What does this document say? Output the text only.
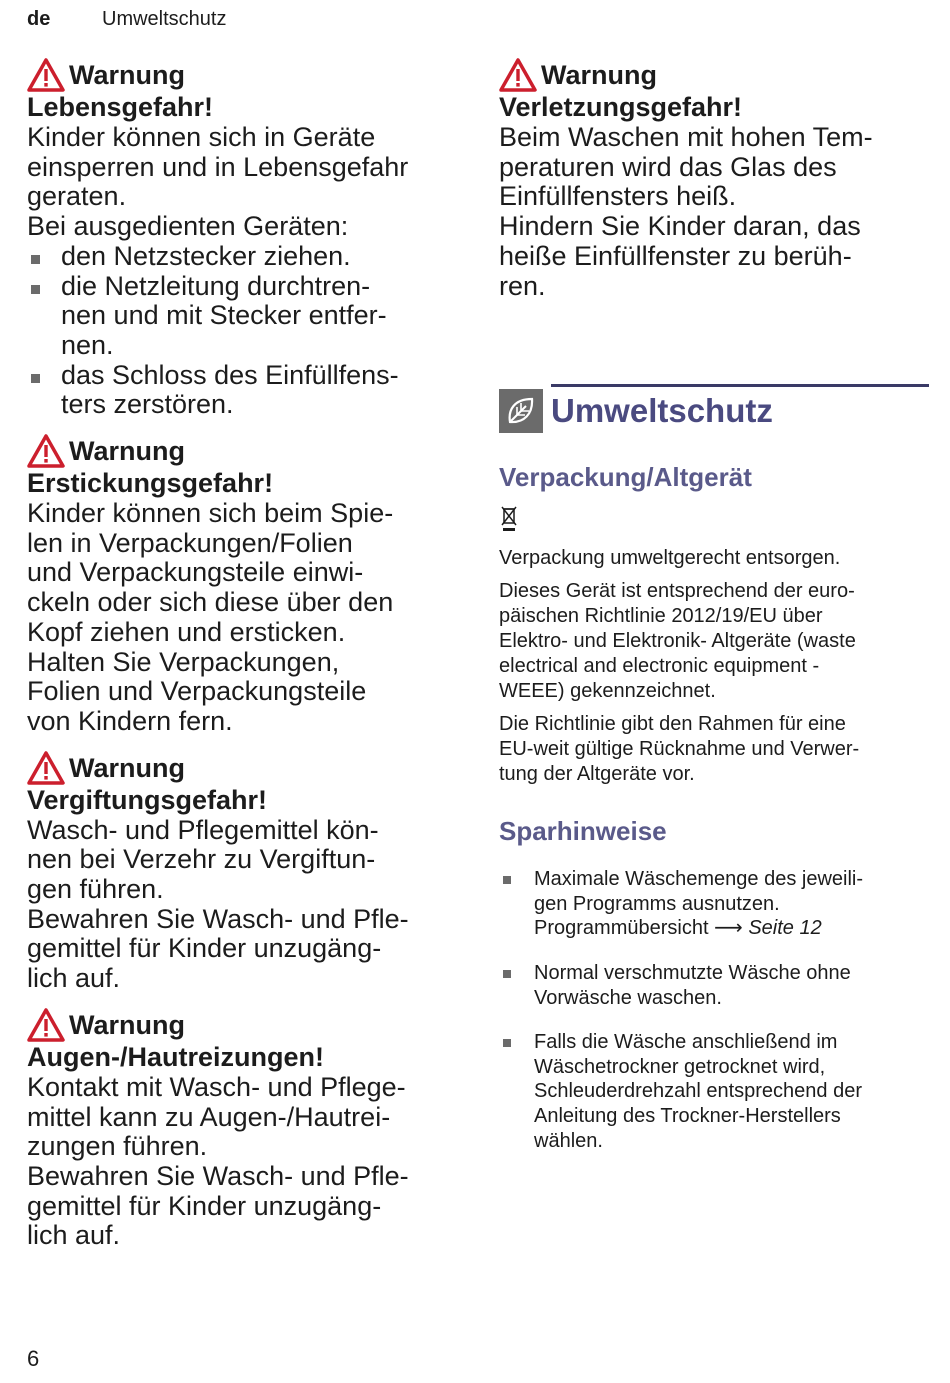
de	Umweltschutz
Warnung
Lebensgefahr!
Kinder können sich in Geräte
einsperren und in Lebensgefahr
geraten.
Bei ausgedienten Geräten:
den Netzstecker ziehen.
die Netzleitung durchtren-
nen und mit Stecker entfer-
nen.
das Schloss des Einfüllfens-
ters zerstören.
Warnung
Erstickungsgefahr!
Kinder können sich beim Spie-
len in Verpackungen/Folien
und Verpackungsteile einwi-
ckeln oder sich diese über den
Kopf ziehen und ersticken.
Halten Sie Verpackungen,
Folien und Verpackungsteile
von Kindern fern.
Warnung
Vergiftungsgefahr!
Wasch- und Pflegemittel kön-
nen bei Verzehr zu Vergiftun-
gen führen.
Bewahren Sie Wasch- und Pfle-
gemittel für Kinder unzugäng-
lich auf.
Warnung
Augen-/Hautreizungen!
Kontakt mit Wasch- und Pflege-
mittel kann zu Augen-/Hautrei-
zungen führen.
Bewahren Sie Wasch- und Pfle-
gemittel für Kinder unzugäng-
lich auf.
Warnung
Verletzungsgefahr!
Beim Waschen mit hohen Tem-
peraturen wird das Glas des
Einfüllfensters heiß.
Hindern Sie Kinder daran, das
heiße Einfüllfenster zu berüh-
ren.
Umweltschutz
Verpackung/Altgerät
Verpackung umweltgerecht entsorgen.
Dieses Gerät ist entsprechend der euro-
päischen Richtlinie 2012/19/EU über
Elektro- und Elektronik- Altgeräte (waste
electrical and electronic equipment -
WEEE) gekennzeichnet.
Die Richtlinie gibt den Rahmen für eine
EU-weit gültige Rücknahme und Verwer-
tung der Altgeräte vor.
Sparhinweise
Maximale Wäschemenge des jeweili-
gen Programms ausnutzen.
Programmübersicht ⟶ Seite 12
Normal verschmutzte Wäsche ohne
Vorwäsche waschen.
Falls die Wäsche anschließend im
Wäschetrockner getrocknet wird,
Schleuderdrehzahl entsprechend der
Anleitung des Trockner-Herstellers
wählen.
6
